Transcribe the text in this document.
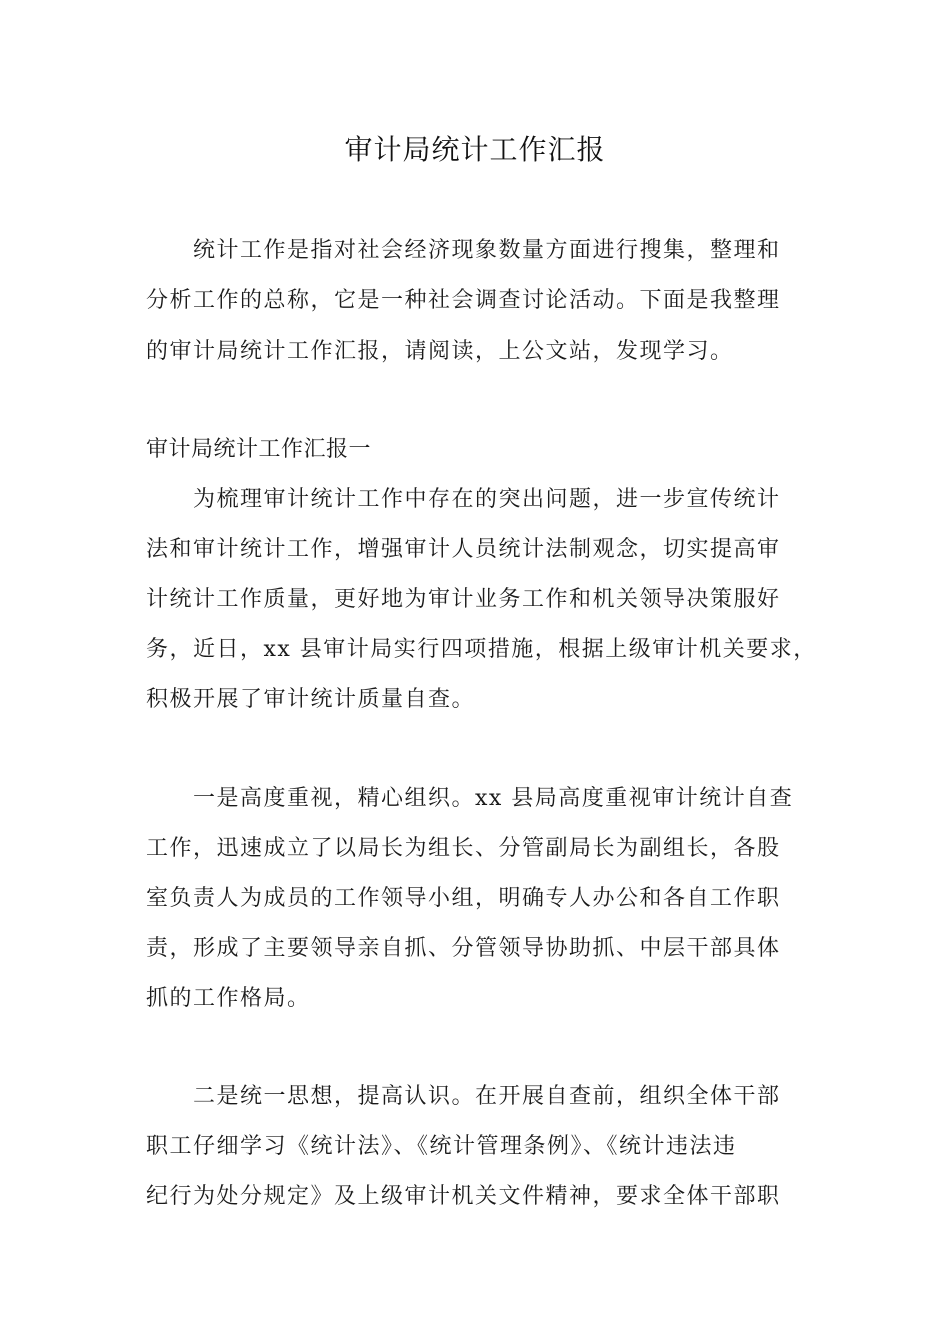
审计局统计工作汇报
统计工作是指对社会经济现象数量方面进行搜集，整理和
分析工作的总称，它是一种社会调查讨论活动。下面是我整理
的审计局统计工作汇报，请阅读，上公文站，发现学习。
审计局统计工作汇报一
为梳理审计统计工作中存在的突出问题，进一步宣传统计
法和审计统计工作，增强审计人员统计法制观念，切实提高审
计统计工作质量，更好地为审计业务工作和机关领导决策服好
务，近日，xx 县审计局实行四项措施，根据上级审计机关要求，
积极开展了审计统计质量自查。
一是高度重视，精心组织。xx 县局高度重视审计统计自查
工作，迅速成立了以局长为组长、分管副局长为副组长，各股
室负责人为成员的工作领导小组，明确专人办公和各自工作职
责，形成了主要领导亲自抓、分管领导协助抓、中层干部具体
抓的工作格局。
二是统一思想，提高认识。在开展自查前，组织全体干部
职工仔细学习《统计法》、《统计管理条例》、《统计违法违
纪行为处分规定》及上级审计机关文件精神，要求全体干部职
